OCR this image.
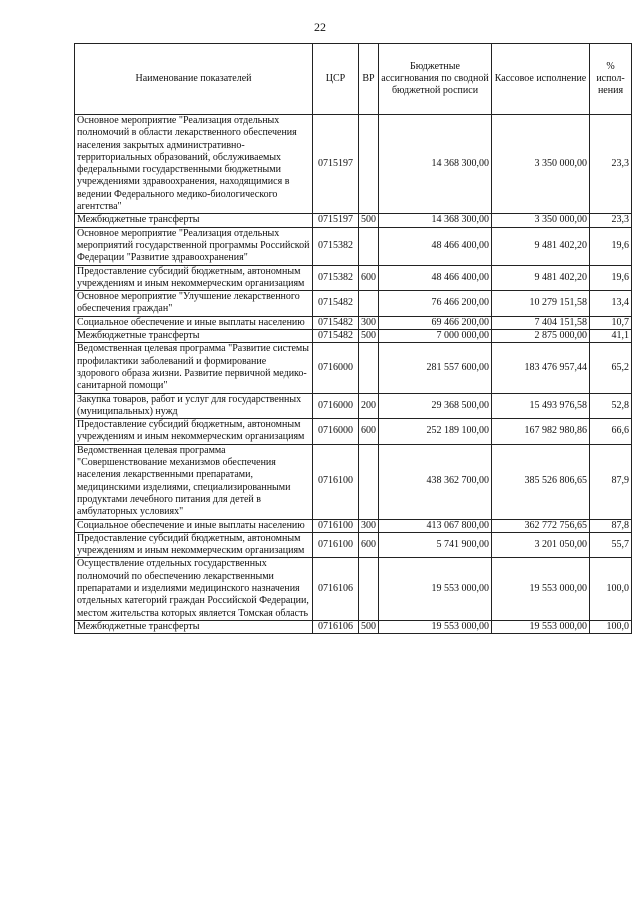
22
Наименование показателей	ЦСР	ВР	Бюджетные ассигнования по сводной бюджетной росписи	Кассовое исполнение	% испол-нения
Основное мероприятие "Реализация отдельных полномочий в области лекарственного обеспечения населения закрытых административно-территориальных образований, обслуживаемых федеральными государственными бюджетными учреждениями здравоохранения, находящимися в ведении Федерального медико-биологического агентства"	0715197		14 368 300,00	3 350 000,00	23,3
Межбюджетные трансферты	0715197	500	14 368 300,00	3 350 000,00	23,3
Основное мероприятие "Реализация отдельных мероприятий государственной программы Российской Федерации "Развитие здравоохранения"	0715382		48 466 400,00	9 481 402,20	19,6
Предоставление субсидий бюджетным, автономным учреждениям и иным некоммерческим организациям	0715382	600	48 466 400,00	9 481 402,20	19,6
Основное мероприятие "Улучшение лекарственного обеспечения граждан"	0715482		76 466 200,00	10 279 151,58	13,4
Социальное обеспечение и иные выплаты населению	0715482	300	69 466 200,00	7 404 151,58	10,7
Межбюджетные трансферты	0715482	500	7 000 000,00	2 875 000,00	41,1
Ведомственная целевая программа "Развитие системы профилактики заболеваний и формирование здорового образа жизни. Развитие первичной медико-санитарной помощи"	0716000		281 557 600,00	183 476 957,44	65,2
Закупка товаров, работ и услуг для государственных (муниципальных) нужд	0716000	200	29 368 500,00	15 493 976,58	52,8
Предоставление субсидий бюджетным, автономным учреждениям и иным некоммерческим организациям	0716000	600	252 189 100,00	167 982 980,86	66,6
Ведомственная целевая программа "Совершенствование механизмов обеспечения населения лекарственными препаратами, медицинскими изделиями, специализированными продуктами лечебного питания для детей в амбулаторных условиях"	0716100		438 362 700,00	385 526 806,65	87,9
Социальное обеспечение и иные выплаты населению	0716100	300	413 067 800,00	362 772 756,65	87,8
Предоставление субсидий бюджетным, автономным учреждениям и иным некоммерческим организациям	0716100	600	5 741 900,00	3 201 050,00	55,7
Осуществление отдельных государственных полномочий по обеспечению лекарственными препаратами и изделиями медицинского назначения отдельных категорий граждан Российской Федерации, местом жительства которых является Томская область	0716106		19 553 000,00	19 553 000,00	100,0
Межбюджетные трансферты	0716106	500	19 553 000,00	19 553 000,00	100,0
